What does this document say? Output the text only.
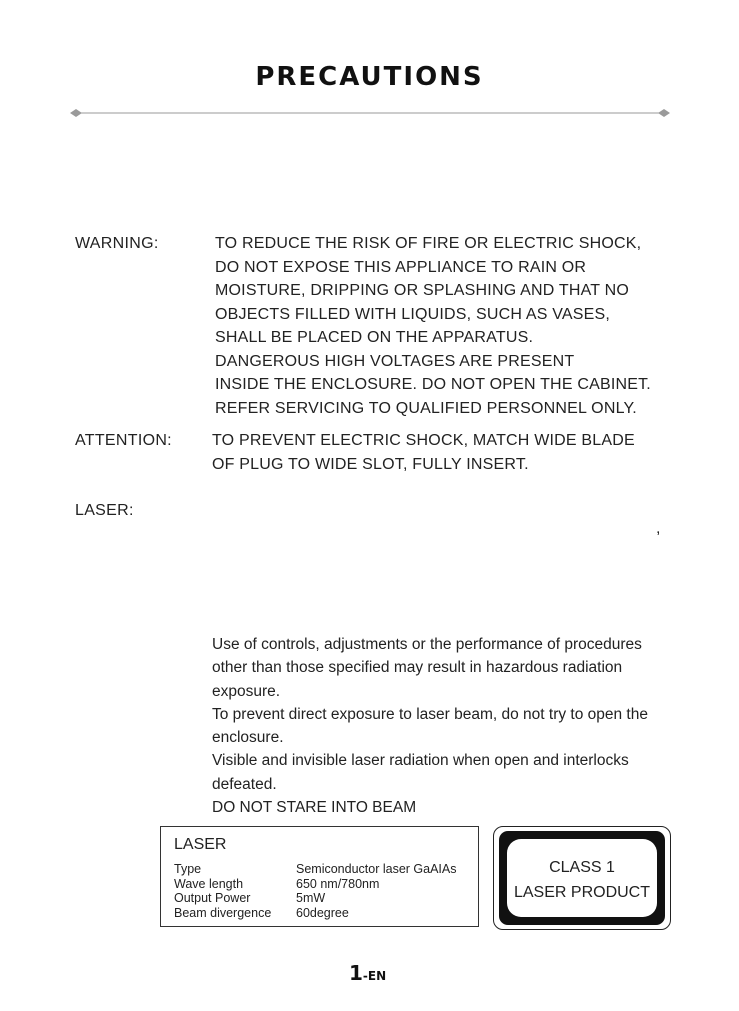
PRECAUTIONS
WARNING:	TO REDUCE THE RISK OF FIRE OR ELECTRIC SHOCK,
DO NOT EXPOSE THIS APPLIANCE TO RAIN OR
MOISTURE, DRIPPING OR SPLASHING AND THAT NO
OBJECTS FILLED WITH LIQUIDS, SUCH AS VASES,
SHALL BE PLACED ON THE APPARATUS.
DANGEROUS HIGH VOLTAGES ARE PRESENT
INSIDE THE ENCLOSURE. DO NOT OPEN THE CABINET.
REFER SERVICING TO QUALIFIED PERSONNEL ONLY.
ATTENTION:	TO PREVENT ELECTRIC SHOCK, MATCH WIDE BLADE
OF PLUG TO WIDE SLOT, FULLY INSERT.
LASER:
,
Use of controls, adjustments or the performance of procedures
other than those specified may result in hazardous radiation
exposure.
To prevent direct exposure to laser beam, do not try to open the
enclosure.
Visible and invisible laser radiation when open and interlocks
defeated.
DO NOT STARE INTO BEAM
LASER
Type	Semiconductor laser GaAIAs
Wave length	650 nm/780nm
Output Power	5mW
Beam divergence	60degree
CLASS 1
LASER PRODUCT
1-EN
